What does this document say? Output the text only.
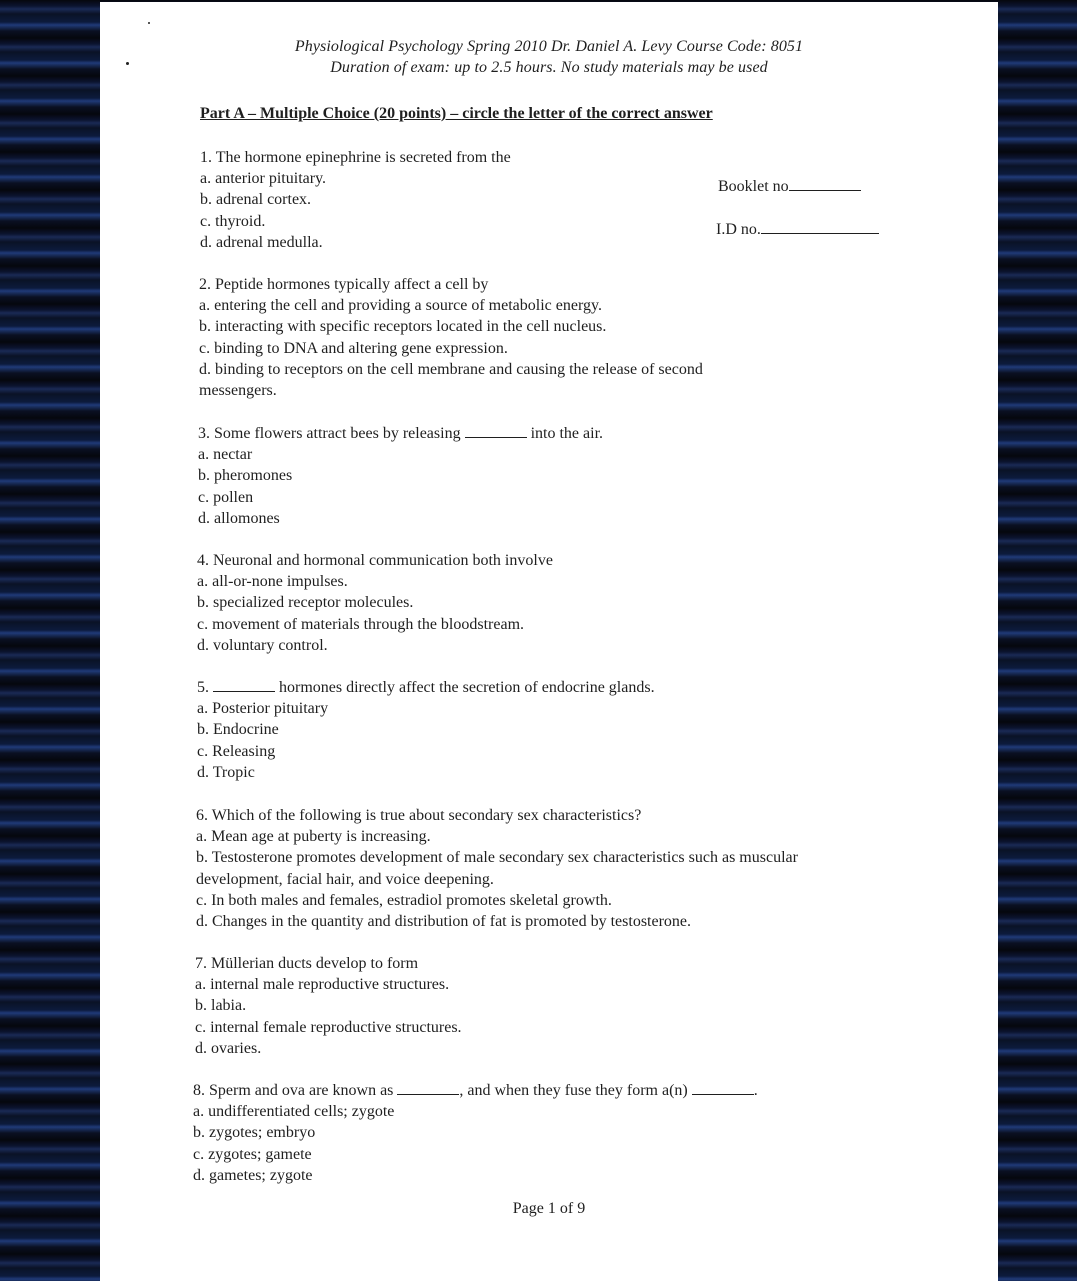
Physiological Psychology Spring 2010 Dr. Daniel A. Levy Course Code: 8051
Duration of exam: up to 2.5 hours. No study materials may be used
Part A – Multiple Choice (20 points) – circle the letter of the correct answer
Booklet no
I.D no.
1. The hormone epinephrine is secreted from the
a. anterior pituitary.
b. adrenal cortex.
c. thyroid.
d. adrenal medulla.
2. Peptide hormones typically affect a cell by
a. entering the cell and providing a source of metabolic energy.
b. interacting with specific receptors located in the cell nucleus.
c. binding to DNA and altering gene expression.
d. binding to receptors on the cell membrane and causing the release of second messengers.
3. Some flowers attract bees by releasing	into the air.
a. nectar
b. pheromones
c. pollen
d. allomones
4. Neuronal and hormonal communication both involve
a. all-or-none impulses.
b. specialized receptor molecules.
c. movement of materials through the bloodstream.
d. voluntary control.
5.	hormones directly affect the secretion of endocrine glands.
a. Posterior pituitary
b. Endocrine
c. Releasing
d. Tropic
6. Which of the following is true about secondary sex characteristics?
a. Mean age at puberty is increasing.
b. Testosterone promotes development of male secondary sex characteristics such as muscular development, facial hair, and voice deepening.
c. In both males and females, estradiol promotes skeletal growth.
d. Changes in the quantity and distribution of fat is promoted by testosterone.
7. Müllerian ducts develop to form
a. internal male reproductive structures.
b. labia.
c. internal female reproductive structures.
d. ovaries.
8. Sperm and ova are known as	, and when they fuse they form a(n)	.
a. undifferentiated cells; zygote
b. zygotes; embryo
c. zygotes; gamete
d. gametes; zygote
Page 1 of 9
